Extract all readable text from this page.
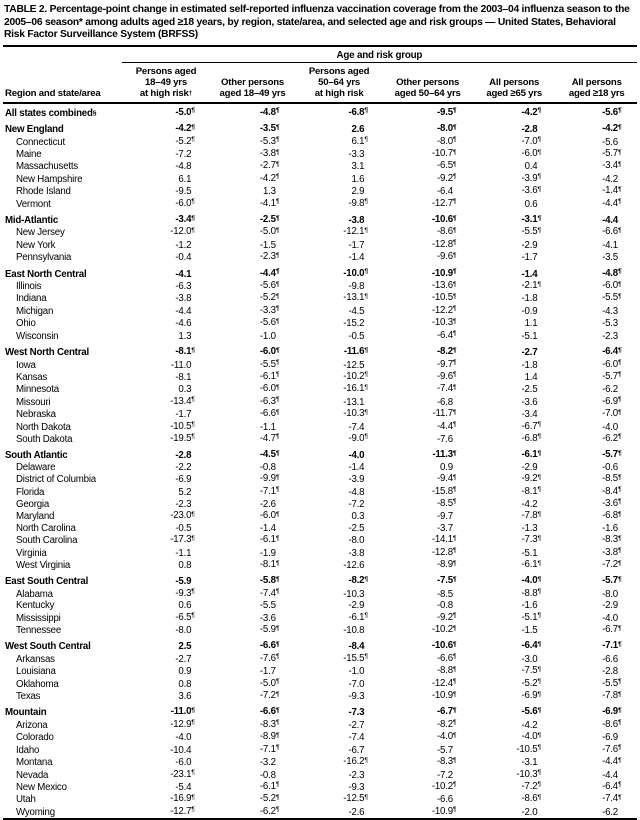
TABLE 2. Percentage-point change in estimated self-reported influenza vaccination coverage from the 2003–04 influenza season to the 2005–06 season* among adults aged ≥18 years, by region, state/area, and selected age and risk groups — United States, Behavioral Risk Factor Surveillance System (BRFSS)
	Age and risk group					
Region and state/area	Persons aged
18–49 yrs
at high risk†	Other persons
aged 18–49 yrs	Persons aged
50–64 yrs
at high risk	Other persons
aged 50–64 yrs	All persons
aged ≥65 yrs	All persons
aged ≥18 yrs
All states combined§	-5.0¶	-4.8¶	-6.8¶	-9.5¶	-4.2¶	-5.6¶
New England	-4.2¶	-3.5¶	2.6	-8.0¶	-2.8	-4.2¶
Connecticut	-5.2¶	-5.3¶	6.1¶	-8.0¶	-7.0¶	-5.6
Maine	-7.2	-3.8¶	-3.3	-10.7¶	-6.0¶	-5.7¶
Massachusetts	-4.8	-2.7¶	3.1	-6.5¶	0.4	-3.4¶
New Hampshire	6.1	-4.2¶	1.6	-9.2¶	-3.9¶	-4.2
Rhode Island	-9.5	1.3	2.9	-6.4	-3.6¶	-1.4¶
Vermont	-6.0¶	-4.1¶	-9.8¶	-12.7¶	0.6	-4.4¶
Mid-Atlantic	-3.4¶	-2.5¶	-3.8	-10.6¶	-3.1¶	-4.4
New Jersey	-12.0¶	-5.0¶	-12.1¶	-8.6¶	-5.5¶	-6.6¶
New York	-1.2	-1.5	-1.7	-12.8¶	-2.9	-4.1
Pennsylvania	-0.4	-2.3¶	-1.4	-9.6¶	-1.7	-3.5
East North Central	-4.1	-4.4¶	-10.0¶	-10.9¶	-1.4	-4.8¶
Illinois	-6.3	-5.6¶	-9.8	-13.6¶	-2.1¶	-6.0¶
Indiana	-3.8	-5.2¶	-13.1¶	-10.5¶	-1.8	-5.5¶
Michigan	-4.4	-3.3¶	-4.5	-12.2¶	-0.9	-4.3
Ohio	-4.6	-5.6¶	-15.2	-10.3¶	1.1	-5.3
Wisconsin	1.3	-1.0	-0.5	-6.4¶	-5.1	-2.3
West North Central	-8.1¶	-6.0¶	-11.6¶	-8.2¶	-2.7	-6.4¶
Iowa	-11.0	-5.5¶	-12.5	-9.7¶	-1.8	-6.0¶
Kansas	-8.1	-6.1¶	-10.2¶	-9.6¶	1.4	-5.7¶
Minnesota	0.3	-6.0¶	-16.1¶	-7.4¶	-2.5	-6.2
Missouri	-13.4¶	-6.3¶	-13.1	-6.8	-3.6	-6.9¶
Nebraska	-1.7	-6.6¶	-10.3¶	-11.7¶	-3.4	-7.0¶
North Dakota	-10.5¶	-1.1	-7.4	-4.4¶	-6.7¶	-4.0
South Dakota	-19.5¶	-4.7¶	-9.0¶	-7.6	-6.8¶	-6.2¶
South Atlantic	-2.8	-4.5¶	-4.0	-11.3¶	-6.1¶	-5.7¶
Delaware	-2.2	-0.8	-1.4	0.9	-2.9	-0.6
District of Columbia	-6.9	-9.9¶	-3.9	-9.4¶	-9.2¶	-8.5¶
Florida	5.2	-7.1¶	-4.8	-15.8¶	-8.1¶	-8.4¶
Georgia	-2.3	-2.6	-7.2	-8.5¶	-4.2	-3.6¶
Maryland	-23.0¶	-6.0¶	0.3	-9.7	-7.8¶	-6.8¶
North Carolina	-0.5	-1.4	-2.5	-3.7	-1.3	-1.6
South Carolina	-17.3¶	-6.1¶	-8.0	-14.1¶	-7.3¶	-8.3¶
Virginia	-1.1	-1.9	-3.8	-12.8¶	-5.1	-3.8¶
West Virginia	0.8	-8.1¶	-12.6	-8.9¶	-6.1¶	-7.2¶
East South Central	-5.9	-5.8¶	-8.2¶	-7.5¶	-4.0¶	-5.7¶
Alabama	-9.3¶	-7.4¶	-10.3	-8.5	-8.8¶	-8.0
Kentucky	0.6	-5.5	-2.9	-0.8	-1.6	-2.9
Mississippi	-6.5¶	-3.6	-6.1¶	-9.2¶	-5.1¶	-4.0
Tennessee	-8.0	-5.9¶	-10.8	-10.2¶	-1.5	-6.7¶
West South Central	2.5	-6.6¶	-8.4	-10.6¶	-6.4¶	-7.1¶
Arkansas	-2.7	-7.6¶	-15.5¶	-6.6¶	-3.0	-6.6
Louisiana	0.9	-1.7	-1.0	-8.8¶	-7.5¶	-2.8
Oklahoma	0.8	-5.0¶	-7.0	-12.4¶	-5.2¶	-5.5¶
Texas	3.6	-7.2¶	-9.3	-10.9¶	-6.9¶	-7.8¶
Mountain	-11.0¶	-6.6¶	-7.3	-6.7¶	-5.6¶	-6.9¶
Arizona	-12.9¶	-8.3¶	-2.7	-8.2¶	-4.2	-8.6¶
Colorado	-4.0	-8.9¶	-7.4	-4.0¶	-4.0¶	-6.9
Idaho	-10.4	-7.1¶	-6.7	-5.7	-10.5¶	-7.6¶
Montana	-6.0	-3.2	-16.2¶	-8.3¶	-3.1	-4.4¶
Nevada	-23.1¶	-0.8	-2.3	-7.2	-10.3¶	-4.4
New Mexico	-5.4	-6.1¶	-9.3	-10.2¶	-7.2¶	-6.4¶
Utah	-16.9¶	-5.2¶	-12.5¶	-6.6	-8.6¶	-7.4¶
Wyoming	-12.7¶	-6.2¶	-2.6	-10.9¶	-2.0	-6.2
